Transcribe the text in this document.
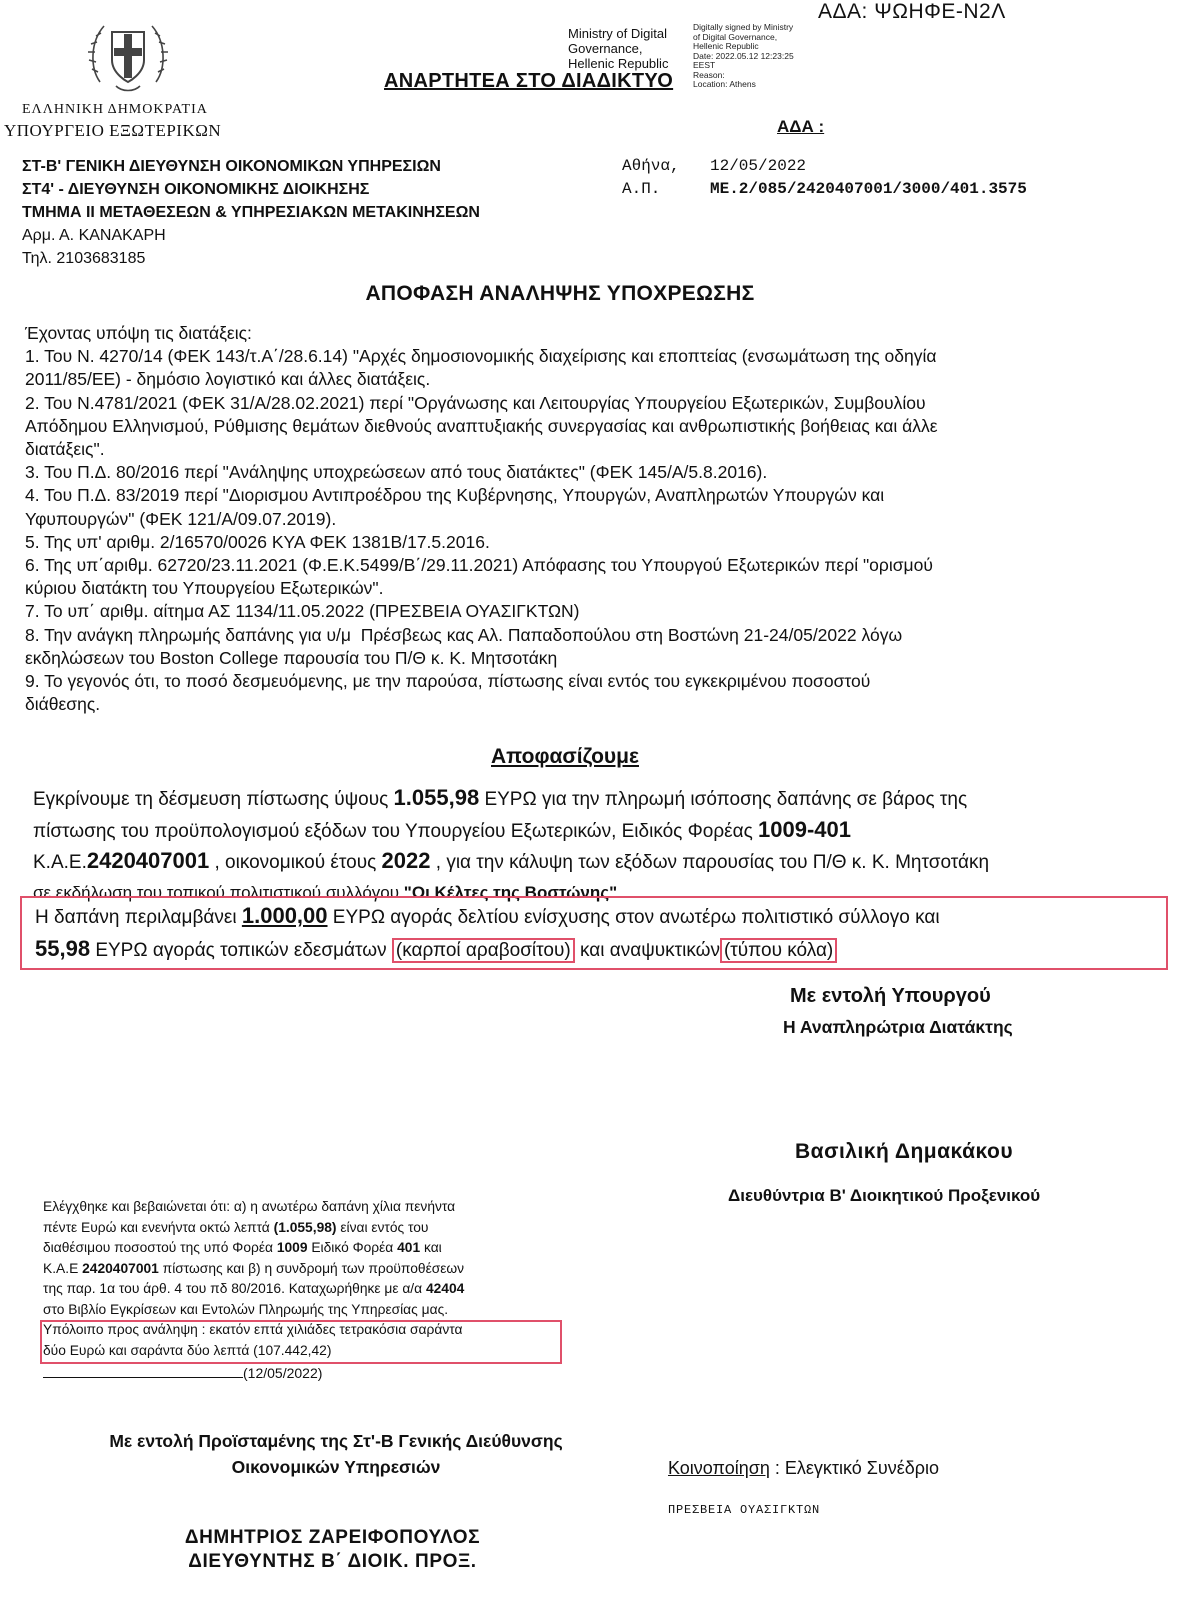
ΑΔΑ: ΨΩΗΦΕ-Ν2Λ
Ministry of Digital
Governance,
Hellenic Republic
Digitally signed by Ministry
of Digital Governance,
Hellenic Republic
Date: 2022.05.12 12:23:25
EEST
Reason:
Location: Athens
ΑΝΑΡΤΗΤΕΑ ΣΤΟ ΔΙΑΔΙΚΤΥΟ
ΕΛΛΗΝΙΚΗ ΔΗΜΟΚΡΑΤΙΑ
ΥΠΟΥΡΓΕΙΟ ΕΞΩΤΕΡΙΚΩΝ	ΑΔΑ :
ΣΤ-Β' ΓΕΝΙΚΗ ΔΙΕΥΘΥΝΣΗ ΟΙΚΟΝΟΜΙΚΩΝ ΥΠΗΡΕΣΙΩΝ
ΣΤ4' - ΔΙΕΥΘΥΝΣΗ ΟΙΚΟΝΟΜΙΚΗΣ ΔΙΟΙΚΗΣΗΣ
ΤΜΗΜΑ ΙΙ ΜΕΤΑΘΕΣΕΩΝ & ΥΠΗΡΕΣΙΑΚΩΝ ΜΕΤΑΚΙΝΗΣΕΩΝ
Αρμ. Α. ΚΑΝΑΚΑΡΗ
Τηλ. 2103683185
Αθήνα, 12/05/2022
Α.Π.	ΜΕ.2/085/2420407001/3000/401.3575
ΑΠΟΦΑΣΗ ΑΝΑΛΗΨΗΣ ΥΠΟΧΡΕΩΣΗΣ

Έχοντας υπόψη τις διατάξεις:

1. Του Ν. 4270/14 (ΦΕΚ 143/τ.Α΄/28.6.14) "Αρχές δημοσιονομικής διαχείρισης και εποπτείας (ενσωμάτωση της οδηγία

2011/85/ΕΕ) - δημόσιο λογιστικό και άλλες διατάξεις.

2. Του Ν.4781/2021 (ΦΕΚ 31/Α/28.02.2021) περί "Οργάνωσης και Λειτουργίας Υπουργείου Εξωτερικών, Συμβουλίου

Απόδημου Ελληνισμού, Ρύθμισης θεμάτων διεθνούς αναπτυξιακής συνεργασίας και ανθρωπιστικής βοήθειας και άλλε

διατάξεις".

3. Του Π.Δ. 80/2016 περί "Ανάληψης υποχρεώσεων από τους διατάκτες" (ΦΕΚ 145/Α/5.8.2016).

4. Του Π.Δ. 83/2019 περί "Διορισμου Αντιπροέδρου της Κυβέρνησης, Υπουργών, Αναπληρωτών Υπουργών και

Υφυπουργών" (ΦΕΚ 121/Α/09.07.2019).

5. Της υπ' αριθμ. 2/16570/0026 ΚΥΑ ΦΕΚ 1381Β/17.5.2016.

6. Της υπ΄αριθμ. 62720/23.11.2021 (Φ.Ε.Κ.5499/Β΄/29.11.2021) Απόφασης του Υπουργού Εξωτερικών περί "ορισμού

κύριου διατάκτη του Υπουργείου Εξωτερικών".

7. Το υπ΄ αριθμ. αίτημα ΑΣ 1134/11.05.2022 (ΠΡΕΣΒΕΙΑ ΟΥΑΣΙΓΚΤΩΝ)

8. Την ανάγκη πληρωμής δαπάνης για υ/μ  Πρέσβεως κας Αλ. Παπαδοπούλου στη Βοστώνη 21-24/05/2022 λόγω

εκδηλώσεων του Boston College παρουσία του Π/Θ κ. Κ. Μητσοτάκη

9. Το γεγονός ότι, το ποσό δεσμευόμενης, με την παρούσα, πίστωσης είναι εντός του εγκεκριμένου ποσοστού

διάθεσης.

Αποφασίζουμε
Εγκρίνουμε τη δέσμευση πίστωσης ύψους 1.055,98 ΕΥΡΩ για την πληρωμή ισόποσης δαπάνης σε βάρος της
πίστωσης του προϋπολογισμού εξόδων του Υπουργείου Εξωτερικών, Ειδικός Φορέας 1009-401
Κ.Α.Ε.2420407001 , οικονομικού έτους 2022 , για την κάλυψη των εξόδων παρουσίας του Π/Θ κ. Κ. Μητσοτάκη
σε εκδήλωση του τοπικού πολιτιστικού συλλόγου "Οι Κέλτες της Βοστώνης".
Η δαπάνη περιλαμβάνει 1.000,00 ΕΥΡΩ αγοράς δελτίου ενίσχυσης στον ανωτέρω πολιτιστικό σύλλογο και
55,98 ΕΥΡΩ αγοράς τοπικών εδεσμάτων (καρποί αραβοσίτου) και αναψυκτικών (τύπου κόλα)
Με εντολή Υπουργού
Η Αναπληρώτρια Διατάκτης
Βασιλική Δημακάκου
Διευθύντρια Β' Διοικητικού Προξενικού
Ελέγχθηκε και βεβαιώνεται ότι: α) η ανωτέρω δαπάνη χίλια πενήντα
πέντε Ευρώ και ενενήντα οκτώ λεπτά (1.055,98) είναι εντός του
διαθέσιμου ποσοστού της υπό Φορέα 1009 Ειδικό Φορέα 401 και
Κ.Α.Ε 2420407001 πίστωσης και β) η συνδρομή των προϋποθέσεων
της παρ. 1α του άρθ. 4 του πδ 80/2016. Καταχωρήθηκε με α/α 42404
στο Βιβλίο Εγκρίσεων και Εντολών Πληρωμής της Υπηρεσίας μας.
Υπόλοιπο προς ανάληψη : εκατόν επτά χιλιάδες τετρακόσια σαράντα
δύο Ευρώ και σαράντα δύο λεπτά (107.442,42)
(12/05/2022)
Με εντολή Προϊσταμένης της Στ'-Β Γενικής Διεύθυνσης
Οικονομικών Υπηρεσιών	Κοινοποίηση : Ελεγκτικό Συνέδριο
ΠΡΕΣΒΕΙΑ ΟΥΑΣΙΓΚΤΩΝ
ΔΗΜΗΤΡΙΟΣ ΖΑΡΕΙΦΟΠΟΥΛΟΣ
ΔΙΕΥΘΥΝΤΗΣ Β΄ ΔΙΟΙΚ. ΠΡΟΞ.
